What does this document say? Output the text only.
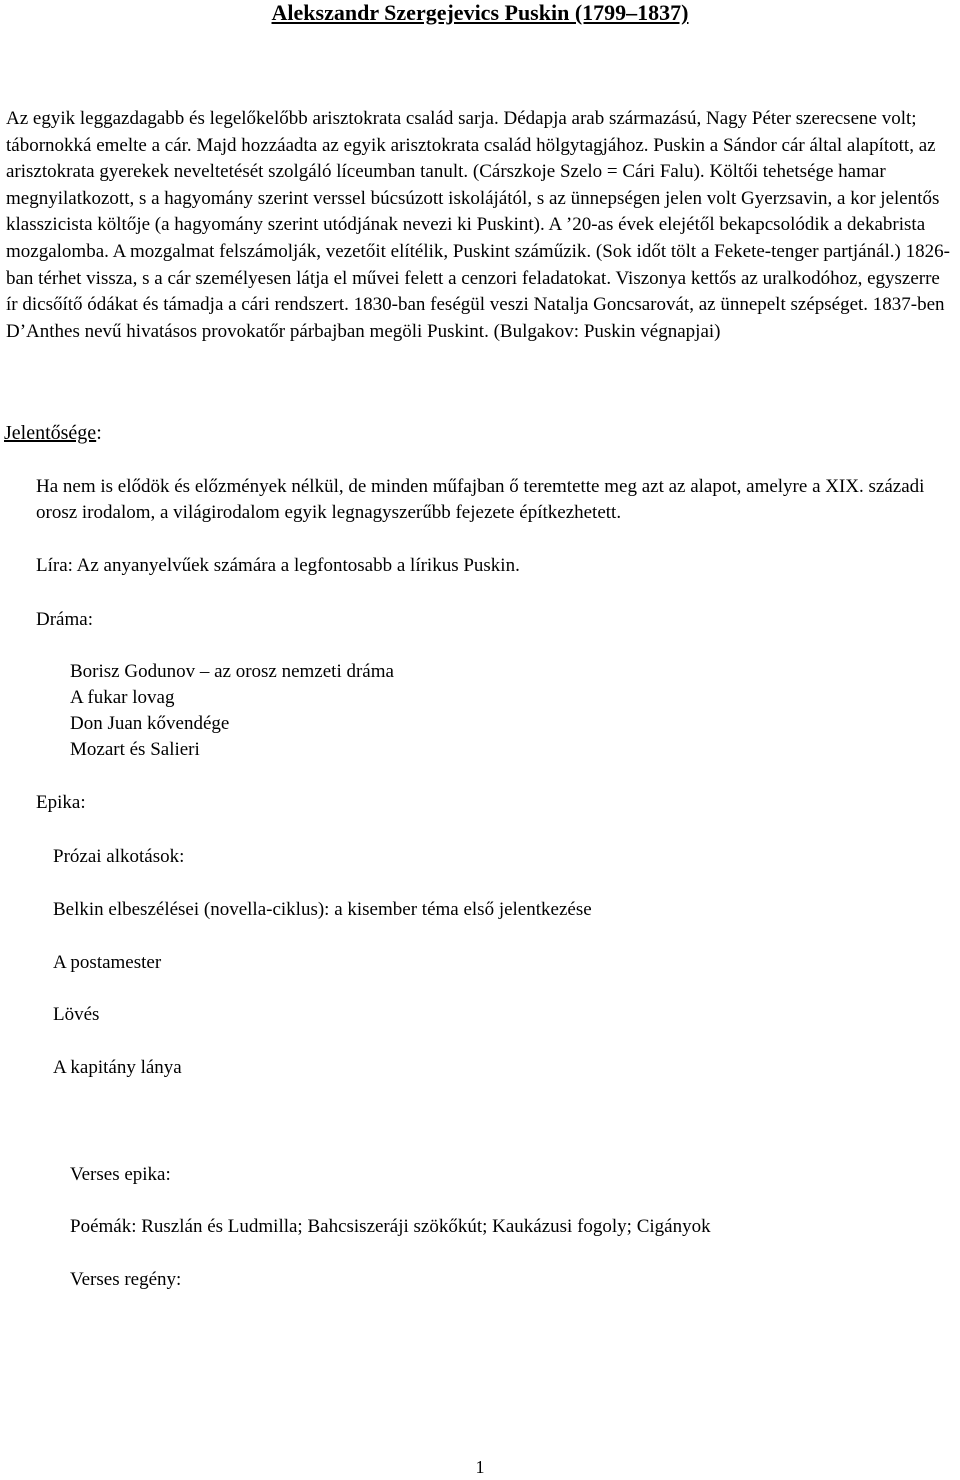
Alekszandr Szergejevics Puskin (1799–1837)

Az egyik leggazdagabb és legelőkelőbb arisztokrata család sarja. Dédapja arab származású, Nagy Péter szerecsene volt; tábornokká emelte a cár. Majd hozzáadta az egyik arisztokrata család hölgytagjához. Puskin a Sándor cár által alapított, az arisztokrata gyerekek neveltetését szolgáló líceumban tanult. (Cárszkoje Szelo = Cári Falu). Költői tehetsége hamar megnyilatkozott, s a hagyomány szerint verssel búcsúzott iskolájától, s az ünnepségen jelen volt Gyerzsavin, a kor jelentős klasszicista költője (a hagyomány szerint utódjának nevezi ki Puskint). A ’20-as évek elejétől bekapcsolódik a dekabrista mozgalomba. A mozgalmat felszámolják, vezetőit elítélik, Puskint száműzik. (Sok időt tölt a Fekete-tenger partjánál.) 1826-ban térhet vissza, s a cár személyesen látja el művei felett a cenzori feladatokat. Viszonya kettős az uralkodóhoz, egyszerre ír dicsőítő ódákat és támadja a cári rendszert. 1830-ban feségül veszi Natalja Goncsarovát, az ünnepelt szépséget. 1837-ben D’Anthes nevű hivatásos provokatőr párbajban megöli Puskint. (Bulgakov: Puskin végnapjai)

Jelentősége:

Ha nem is elődök és előzmények nélkül, de minden műfajban ő teremtette meg azt az alapot, amelyre a XIX. századi orosz irodalom, a világirodalom egyik legnagyszerűbb fejezete építkezhetett.

Líra: Az anyanyelvűek számára a legfontosabb a lírikus Puskin.
Dráma:
Borisz Godunov – az orosz nemzeti dráma
A fukar lovag
Don Juan kővendége
Mozart és Salieri
Epika:
Prózai alkotások:
Belkin elbeszélései (novella-ciklus): a kisember téma első jelentkezése
A postamester
Lövés
A kapitány lánya
Verses epika:
Poémák: Ruszlán és Ludmilla; Bahcsiszeráji szökőkút; Kaukázusi fogoly; Cigányok
Verses regény:
1
